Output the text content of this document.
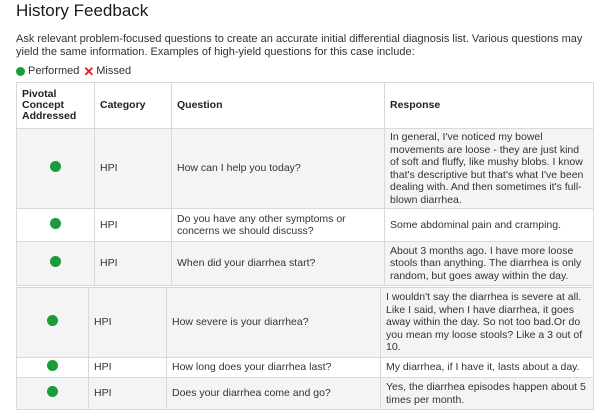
History Feedback
Ask relevant problem-focused questions to create an accurate initial differential diagnosis list. Various questions may yield the same information. Examples of high-yield questions for this case include:
Performed ✕ Missed
Pivotal Concept Addressed	Category	Question	Response
	HPI	How can I help you today?	In general, I've noticed my bowel movements are loose - they are just kind of soft and fluffy, like mushy blobs. I know that's descriptive but that's what I've been dealing with. And then sometimes it's full-blown diarrhea.
	HPI	Do you have any other symptoms or concerns we should discuss?	Some abdominal pain and cramping.
	HPI	When did your diarrhea start?	About 3 months ago. I have more loose stools than anything. The diarrhea is only random, but goes away within the day.
	HPI	How severe is your diarrhea?	I wouldn't say the diarrhea is severe at all. Like I said, when I have diarrhea, it goes away within the day. So not too bad.Or do you mean my loose stools? Like a 3 out of 10.
	HPI	How long does your diarrhea last?	My diarrhea, if I have it, lasts about a day.
	HPI	Does your diarrhea come and go?	Yes, the diarrhea episodes happen about 5 times per month.
